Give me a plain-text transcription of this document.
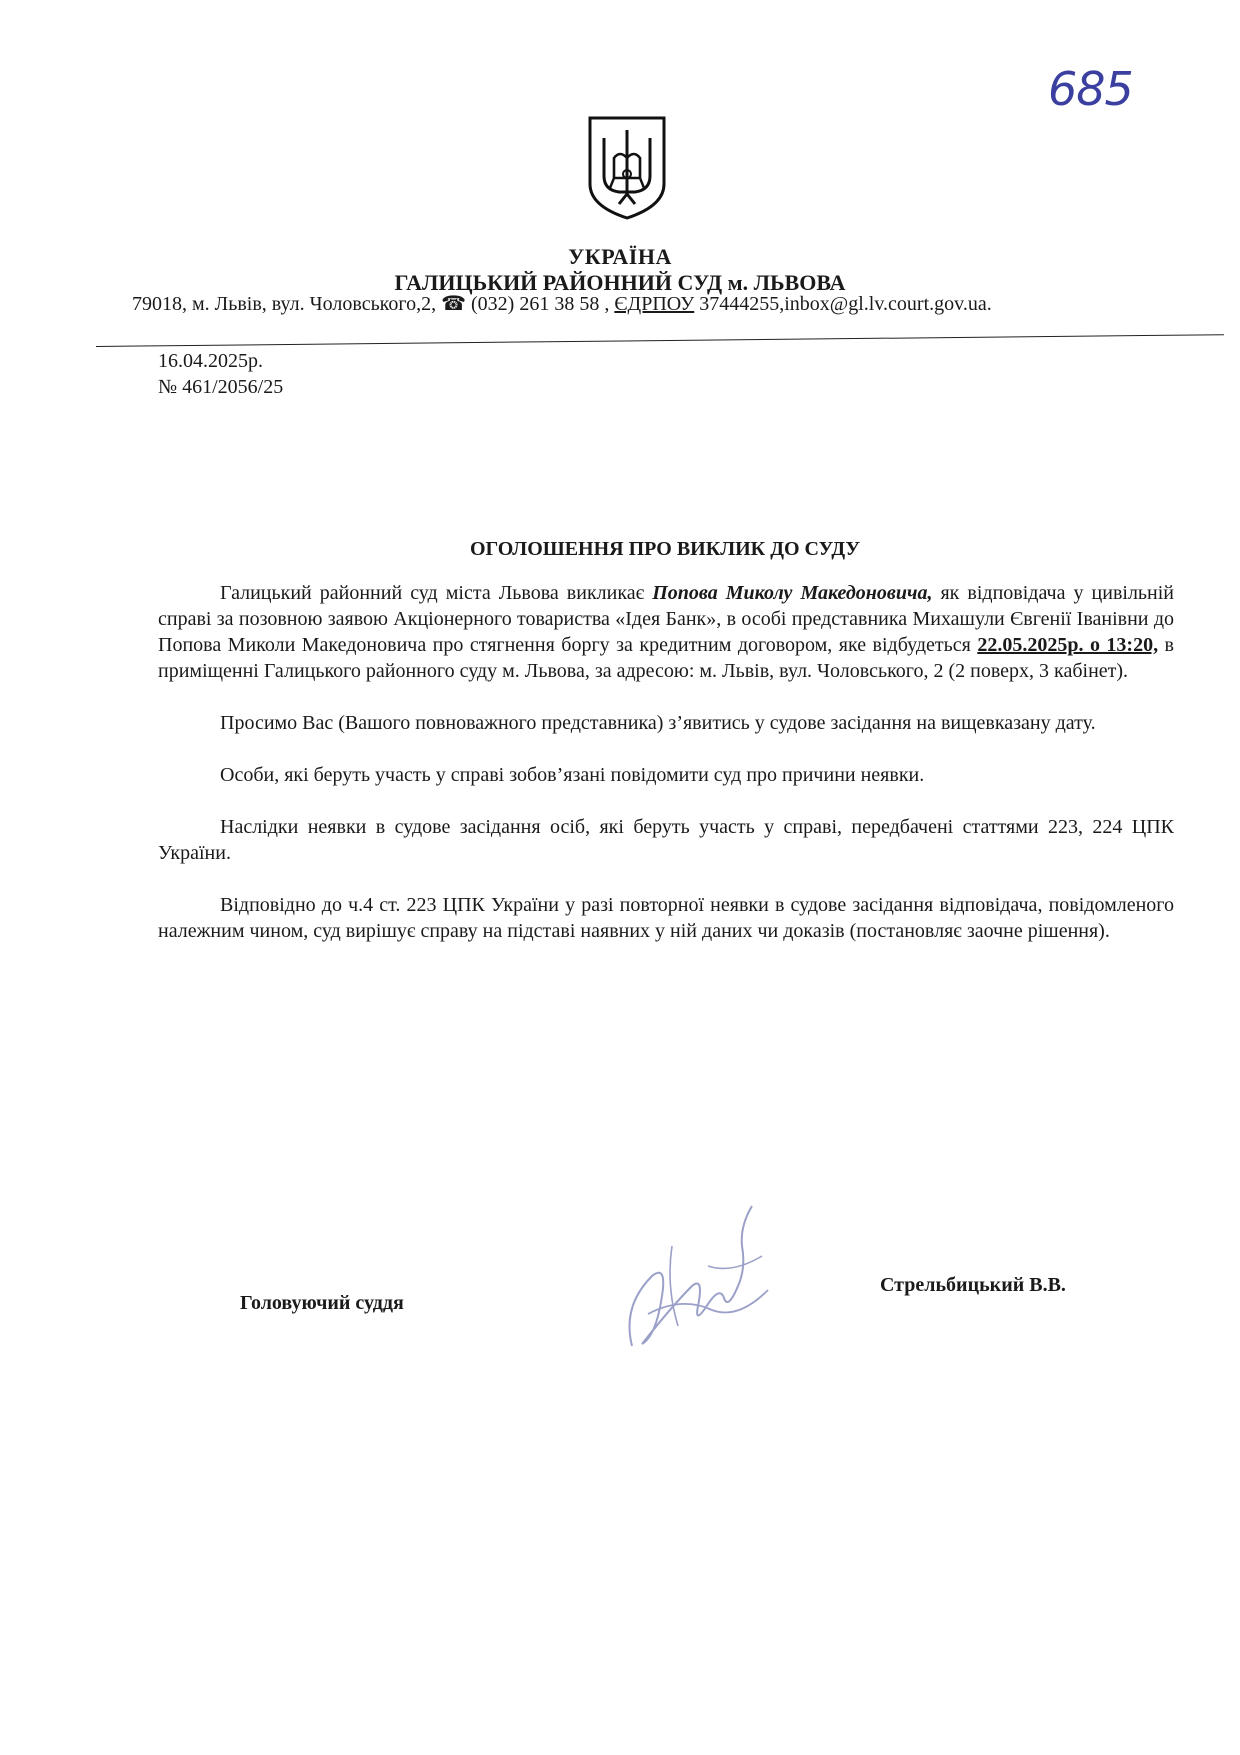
685
УКРАЇНА
ГАЛИЦЬКИЙ РАЙОННИЙ СУД м. ЛЬВОВА
79018, м. Львів, вул. Чоловського,2, ☎ (032) 261 38 58 , ЄДРПОУ 37444255,inbox@gl.lv.court.gov.ua.
16.04.2025р.
№ 461/2056/25
ОГОЛОШЕННЯ ПРО ВИКЛИК ДО СУДУ

Галицький районний суд міста Львова викликає Попова Миколу Македоновича, як відповідача у цивільній справі за позовною заявою Акціонерного товариства «Ідея Банк», в особі представника Михашули Євгенії Іванівни до Попова Миколи Македоновича про стягнення боргу за кредитним договором, яке відбудеться 22.05.2025р. о 13:20, в приміщенні Галицького районного суду м. Львова, за адресою: м. Львів, вул. Чоловського, 2 (2 поверх, 3 кабінет).

Просимо Вас (Вашого повноважного представника) з’явитись у судове засідання на вищевказану дату.

Особи, які беруть участь у справі зобов’язані повідомити суд про причини неявки.

Наслідки неявки в судове засідання осіб, які беруть участь у справі, передбачені статтями 223, 224 ЦПК України.

Відповідно до ч.4 ст. 223 ЦПК України у разі повторної неявки в судове засідання відповідача, повідомленого належним чином, суд вирішує справу на підставі наявних у ній даних чи доказів (постановляє заочне рішення).

Головуючий суддя
Стрельбицький В.В.
